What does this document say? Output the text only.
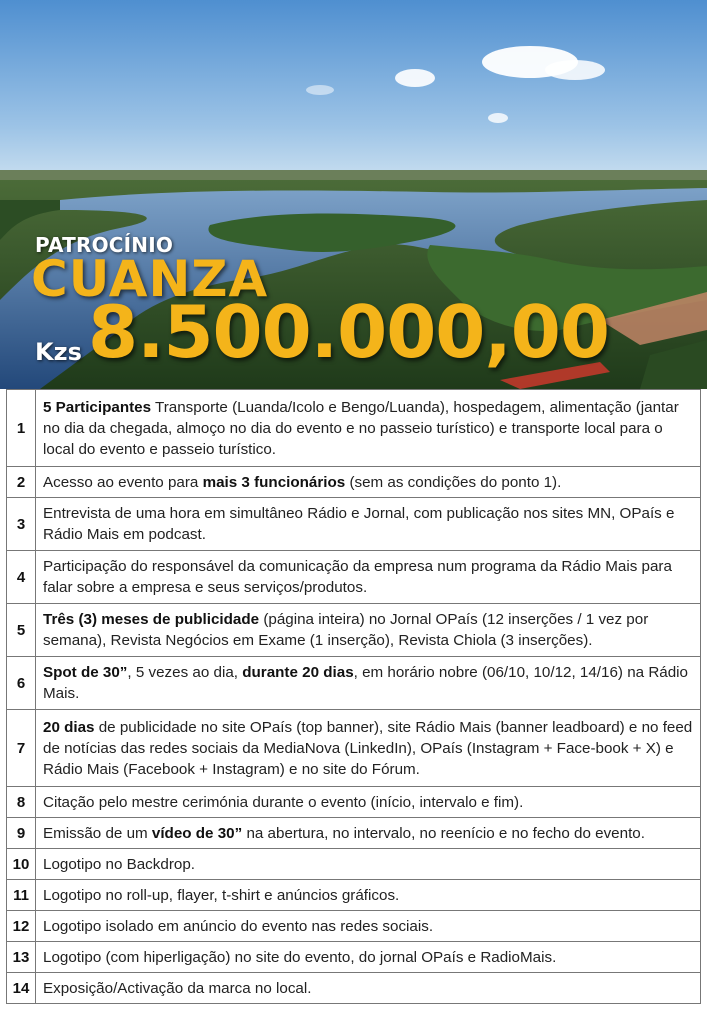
PATROCÍNIO
CUANZA
Kzs 8.500.000,00
1	5 Participantes Transporte (Luanda/Icolo e Bengo/Luanda), hospedagem, alimentação (jantar no dia da chegada, almoço no dia do evento e no passeio turístico) e transporte local para o local do evento e passeio turístico.
2	Acesso ao evento para mais 3 funcionários (sem as condições do ponto 1).
3	Entrevista de uma hora em simultâneo Rádio e Jornal, com publicação nos sites MN, OPaís e Rádio Mais em podcast.
4	Participação do responsável da comunicação da empresa num programa da Rádio Mais para falar sobre a empresa e seus serviços/produtos.
5	Três (3) meses de publicidade (página inteira) no Jornal OPaís (12 inserções / 1 vez por semana), Revista Negócios em Exame (1 inserção), Revista Chiola (3 inserções).
6	Spot de 30”, 5 vezes ao dia, durante 20 dias, em horário nobre (06/10, 10/12, 14/16) na Rádio Mais.
7	20 dias de publicidade no site OPaís (top banner), site Rádio Mais (banner leadboard) e no feed de notícias das redes sociais da MediaNova (LinkedIn), OPaís (Instagram + Face-book + X) e Rádio Mais (Facebook + Instagram) e no site do Fórum.
8	Citação pelo mestre cerimónia durante o evento (início, intervalo e fim).
9	Emissão de um vídeo de 30” na abertura, no intervalo, no reenício e no fecho do evento.
10	Logotipo no Backdrop.
11	Logotipo no roll-up, flayer, t-shirt e anúncios gráficos.
12	Logotipo isolado em anúncio do evento nas redes sociais.
13	Logotipo (com hiperligação) no site do evento, do jornal OPaís e RadioMais.
14	Exposição/Activação da marca no local.
